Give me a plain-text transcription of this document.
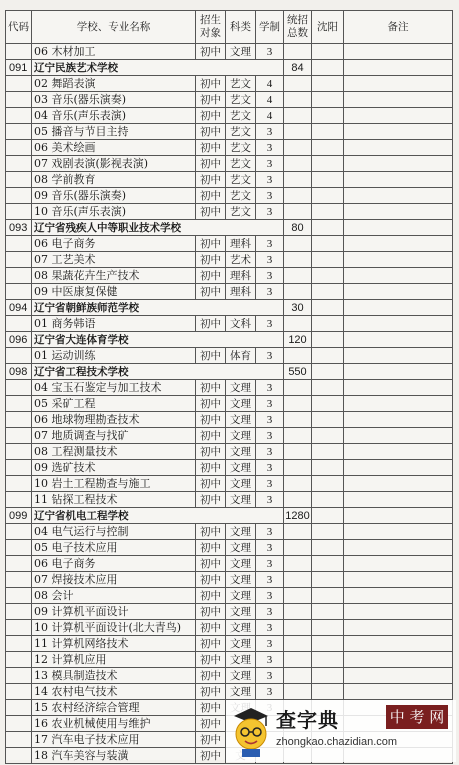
代码	学校、专业名称	招生对象	科类	学制	统招总数	沈阳	备注
	06 木材加工	初中	文理	3			
091	辽宁民族艺术学校				84		
	02 舞蹈表演	初中	艺文	4			
	03 音乐(器乐演奏)	初中	艺文	4			
	04 音乐(声乐表演)	初中	艺文	4			
	05 播音与节目主持	初中	艺文	3			
	06 美术绘画	初中	艺文	3			
	07 戏剧表演(影视表演)	初中	艺文	3			
	08 学前教育	初中	艺文	3			
	09 音乐(器乐演奏)	初中	艺文	3			
	10 音乐(声乐表演)	初中	艺文	3			
093	辽宁省残疾人中等职业技术学校				80		
	06 电子商务	初中	理科	3			
	07 工艺美术	初中	艺术	3			
	08 果蔬花卉生产技术	初中	理科	3			
	09 中医康复保健	初中	理科	3			
094	辽宁省朝鲜族师范学校				30		
	01 商务韩语	初中	文科	3			
096	辽宁省大连体育学校				120		
	01 运动训练	初中	体育	3			
098	辽宁省工程技术学校				550		
	04 宝玉石鉴定与加工技术	初中	文理	3			
	05 采矿工程	初中	文理	3			
	06 地球物理勘查技术	初中	文理	3			
	07 地质调查与找矿	初中	文理	3			
	08 工程测量技术	初中	文理	3			
	09 选矿技术	初中	文理	3			
	10 岩土工程勘查与施工	初中	文理	3			
	11 钻探工程技术	初中	文理	3			
099	辽宁省机电工程学校				1280		
	04 电气运行与控制	初中	文理	3			
	05 电子技术应用	初中	文理	3			
	06 电子商务	初中	文理	3			
	07 焊接技术应用	初中	文理	3			
	08 会计	初中	文理	3			
	09 计算机平面设计	初中	文理	3			
	10 计算机平面设计(北大青鸟)	初中	文理	3			
	11 计算机网络技术	初中	文理	3			
	12 计算机应用	初中	文理	3			
	13 模具制造技术	初中	文理	3			
	14 农村电气技术	初中	文理	3			
	15 农村经济综合管理	初中					
	16 农业机械使用与维护	初中					
	17 汽车电子技术应用	初中					
	18 汽车美容与装潢	初中					
查字典	中 考 网
zhongkao.chazidian.com
